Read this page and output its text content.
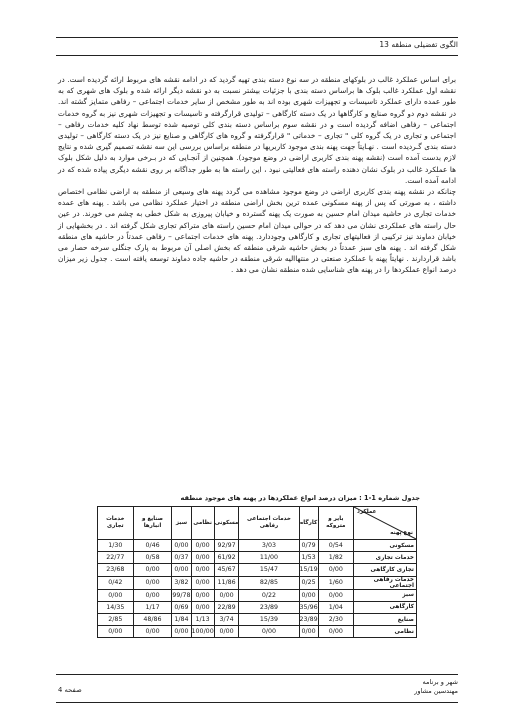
الگوی تفضیلی منطقه 13

برای اساس عملکرد غالب در بلوکهای منطقه در سه نوع دسته بندی تهیه گردید که در ادامه نقشه های مربوط ارائه گردیده است. در نقشه اول عملکرد غالب بلوک ها براساس دسته بندی با جزئیات بیشتر نسبت به دو نقشه دیگر ارائه شده و بلوک های شهری که به طور عمده دارای عملکرد تاسیسات و تجهیزات شهری بوده اند به طور مشخص از سایر خدمات اجتماعی – رفاهی متمایز گشته اند. در نقشه دوم دو گروه صنایع و کارگاهها در یک دسته کارگاهی – تولیدی قرارگرفته و تاسیسات و تجهیزات شهری نیز به گروه خدمات اجتماعی – رفاهی اضافه گردیده است و در نقشه سوم براساس دسته بندی کلی توصیه شده توسط نهاد کلیه خدمات رفاهی – اجتماعی و تجاری در یک گروه کلی " تجاری – خدماتی " قرارگرفته و گروه های کارگاهی و صنایع نیز در یک دسته کارگاهی – تولیدی دسته بندی گـردیده است . نهـایتاً جهت پهنه بندی موجود کاربریها در منطقه براساس بررسی این سه نقشه تصمیم گیری شده و نتایج لازم بدست آمده است (نقشه پهنه بندی کاربری اراضی در وضع موجود). همچنین از آنجـایی که در بـرخی موارد به دلیل شکل بلوک ها عملکرد غالب در بلوک نشان دهنده راسته های فعالیتی نبود ، این راسته ها به طور جداگانه بر روی نقشه دیگری پیاده شده که در ادامه آمده است.

چنانکه در نقشه پهنه بندی کاربری اراضی در وضع موجود مشاهده می گردد پهنه های وسیعی از منطقه به اراضی نظامی اختصاص داشته ، به صورتی که پس از پهنه مسکونی عمده ترین بخش اراضی منطقه در اختیار عملکرد نظامی می باشد . پهنه های عمده خدمات تجاری در حاشیه میدان امام حسین به صورت یک پهنه گسترده و خیابان پیروزی به شکل خطی به چشم می خورند. در عین حال راسته های عملکردی نشان می دهد که در حوالی میدان امام حسین راسته های متراکم تجاری شکل گرفته اند . در بخشهایی از خیابان دماوند نیز ترکیبی از فعالیتهای تجاری و کارگاهی وجوددارد. پهنه های خدمات اجتماعی – رفاهی عمدتاً در حاشیه های منطقه شکل گرفته اند . پهنه های سبز عمدتاً در بخش حاشیه شرقی منطقه که بخش اصلی آن مربوط به پارک جنگلی سرخه حصار می باشد قراردارند . نهایتاً پهنه با عملکرد صنعتی در منتهاالیه شرقی منطقه در حاشیه جاده دماوند توسعه یافته است . جدول زیر میزان درصد انواع عملکردها را در پهنه های شناسایی شده منطقه نشان می دهد .

جدول شماره 1-1 : میزان درصد انواع عملکردها در پهنه های موجود منطقه
عملکرد
نوع پهنه	بایر و متروکه	کارگاه	خدمات اجتماعی رفاهی	مسکونی	نظامی	سبز	صنایع و انبارها	خدمات تجاری
مسکونی	0/54	0/79	3/03	92/97	0/00	0/00	0/46	1/30
خدمات تجاری	1/82	1/53	11/00	61/92	0/00	0/37	0/58	22/77
تجاری کارگاهی	0/00	15/19	15/47	45/67	0/00	0/00	0/00	23/68
خدمات رفاهی اجتماعی	1/60	0/25	82/85	11/86	0/00	3/82	0/00	0/42
سبز	0/00	0/00	0/22	0/00	0/00	99/78	0/00	0/00
کارگاهی	1/04	35/96	23/89	22/89	0/00	0/69	1/17	14/35
صنایع	2/30	23/89	15/39	3/74	1/13	1/84	48/86	2/85
نظامی	0/00	0/00	0/00	0/00	100/00	0/00	0/00	0/00
شهر و برنامه
مهندسین مشاور
صفحه 4
